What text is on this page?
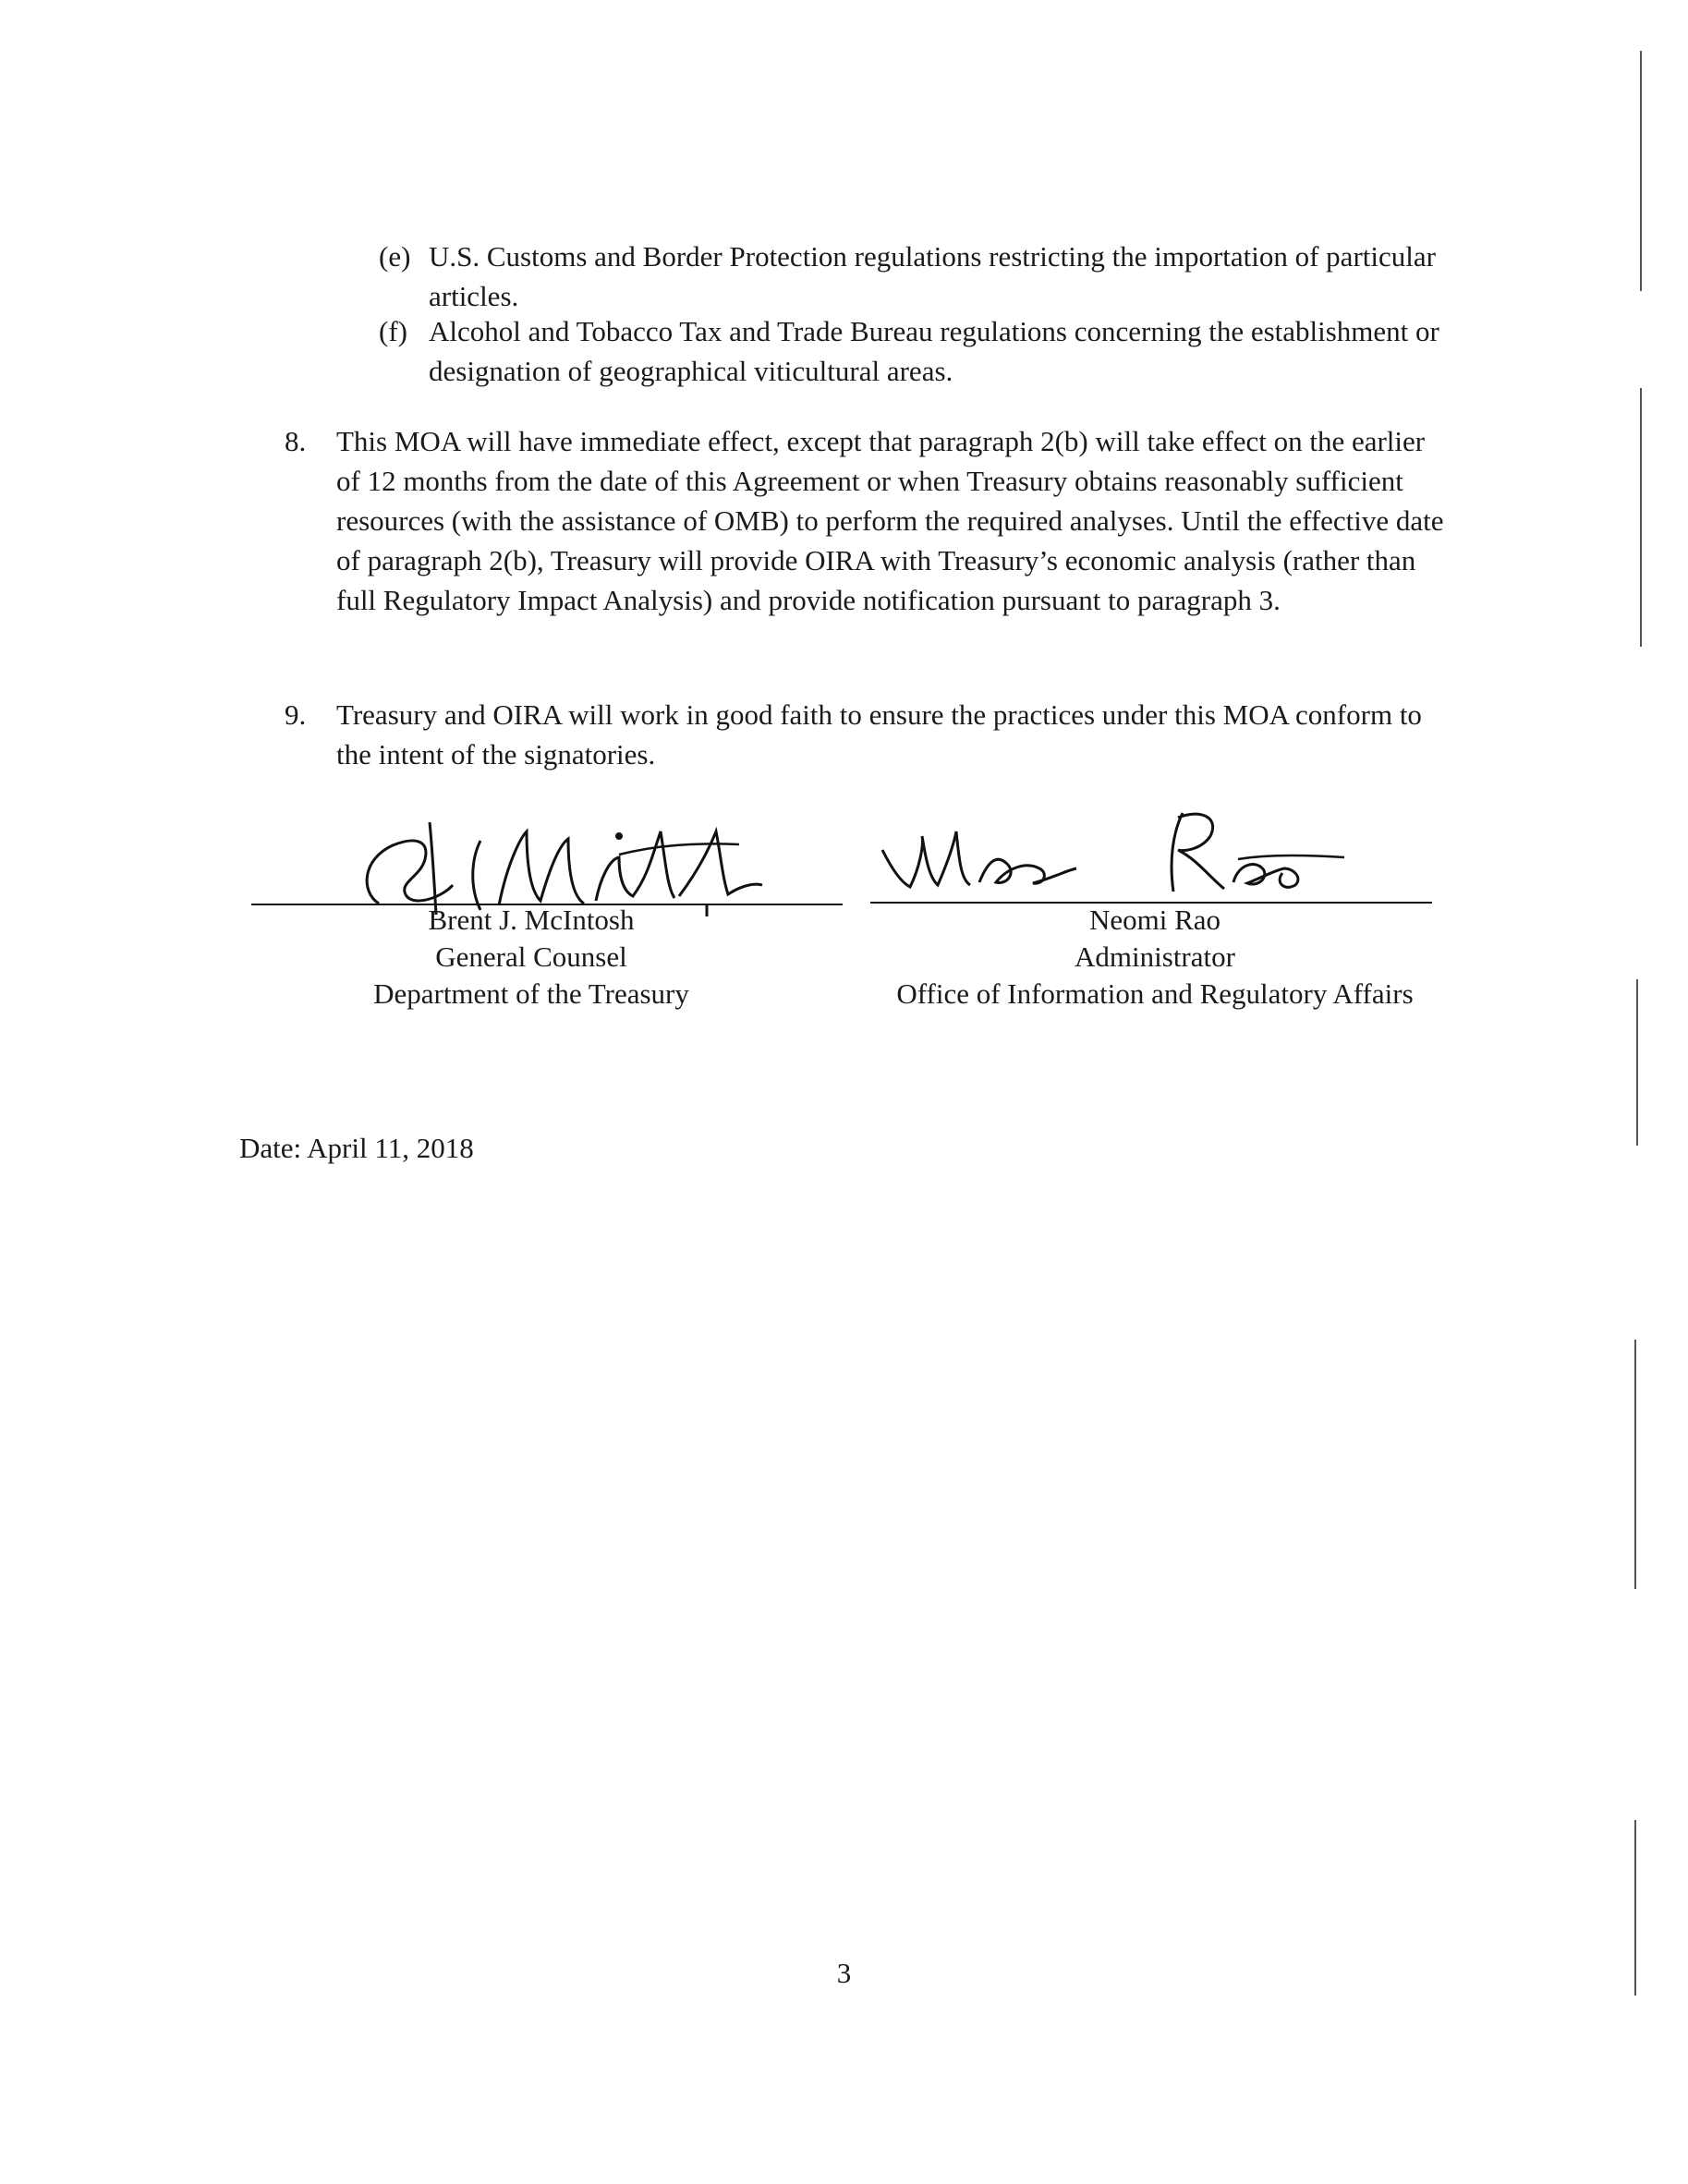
(e) U.S. Customs and Border Protection regulations restricting the importation of particular articles.
(f) Alcohol and Tobacco Tax and Trade Bureau regulations concerning the establishment or designation of geographical viticultural areas.
8.	This MOA will have immediate effect, except that paragraph 2(b) will take effect on the earlier of 12 months from the date of this Agreement or when Treasury obtains reasonably sufficient resources (with the assistance of OMB) to perform the required analyses. Until the effective date of paragraph 2(b), Treasury will provide OIRA with Treasury’s economic analysis (rather than full Regulatory Impact Analysis) and provide notification pursuant to paragraph 3.
9.	Treasury and OIRA will work in good faith to ensure the practices under this MOA conform to the intent of the signatories.
Brent J. McIntosh
General Counsel
Department of the Treasury
Neomi Rao
Administrator
Office of Information and Regulatory Affairs
Date: April 11, 2018
3
